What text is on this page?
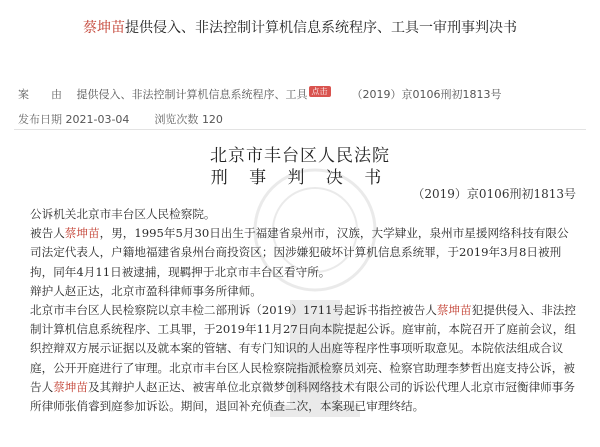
蔡坤苗提供侵入、非法控制计算机信息系统程序、工具一审刑事判决书
案　　由　 提供侵入、非法控制计算机信息系统程序、工具 点击 （2019）京0106刑初1813号
发布日期 2021-03-04 浏览次数 120
北京市丰台区人民法院
刑 事 判 决 书
（2019）京0106刑初1813号

公诉机关北京市丰台区人民检察院。

被告人蔡坤苗，男，1995年5月30日出生于福建省泉州市，汉族，大学肄业，泉州市星援网络科技有限公司法定代表人，户籍地福建省泉州台商投资区；因涉嫌犯破坏计算机信息系统罪，于2019年3月8日被刑拘，同年4月11日被逮捕，现羁押于北京市丰台区看守所。

辩护人赵正达，北京市盈科律师事务所律师。

北京市丰台区人民检察院以京丰检二部刑诉（2019）1711号起诉书指控被告人蔡坤苗犯提供侵入、非法控制计算机信息系统程序、工具罪，于2019年11月27日向本院提起公诉。庭审前，本院召开了庭前会议，组织控辩双方展示证据以及就本案的管辖、有专门知识的人出庭等程序性事项听取意见。本院依法组成合议庭，公开开庭进行了审理。北京市丰台区人民检察院指派检察员刘亮、检察官助理李梦哲出庭支持公诉，被告人蔡坤苗及其辩护人赵正达、被害单位北京微梦创科网络技术有限公司的诉讼代理人北京市冠衡律师事务所律师张俏睿到庭参加诉讼。期间，退回补充侦查二次，本案现已审理终结。
